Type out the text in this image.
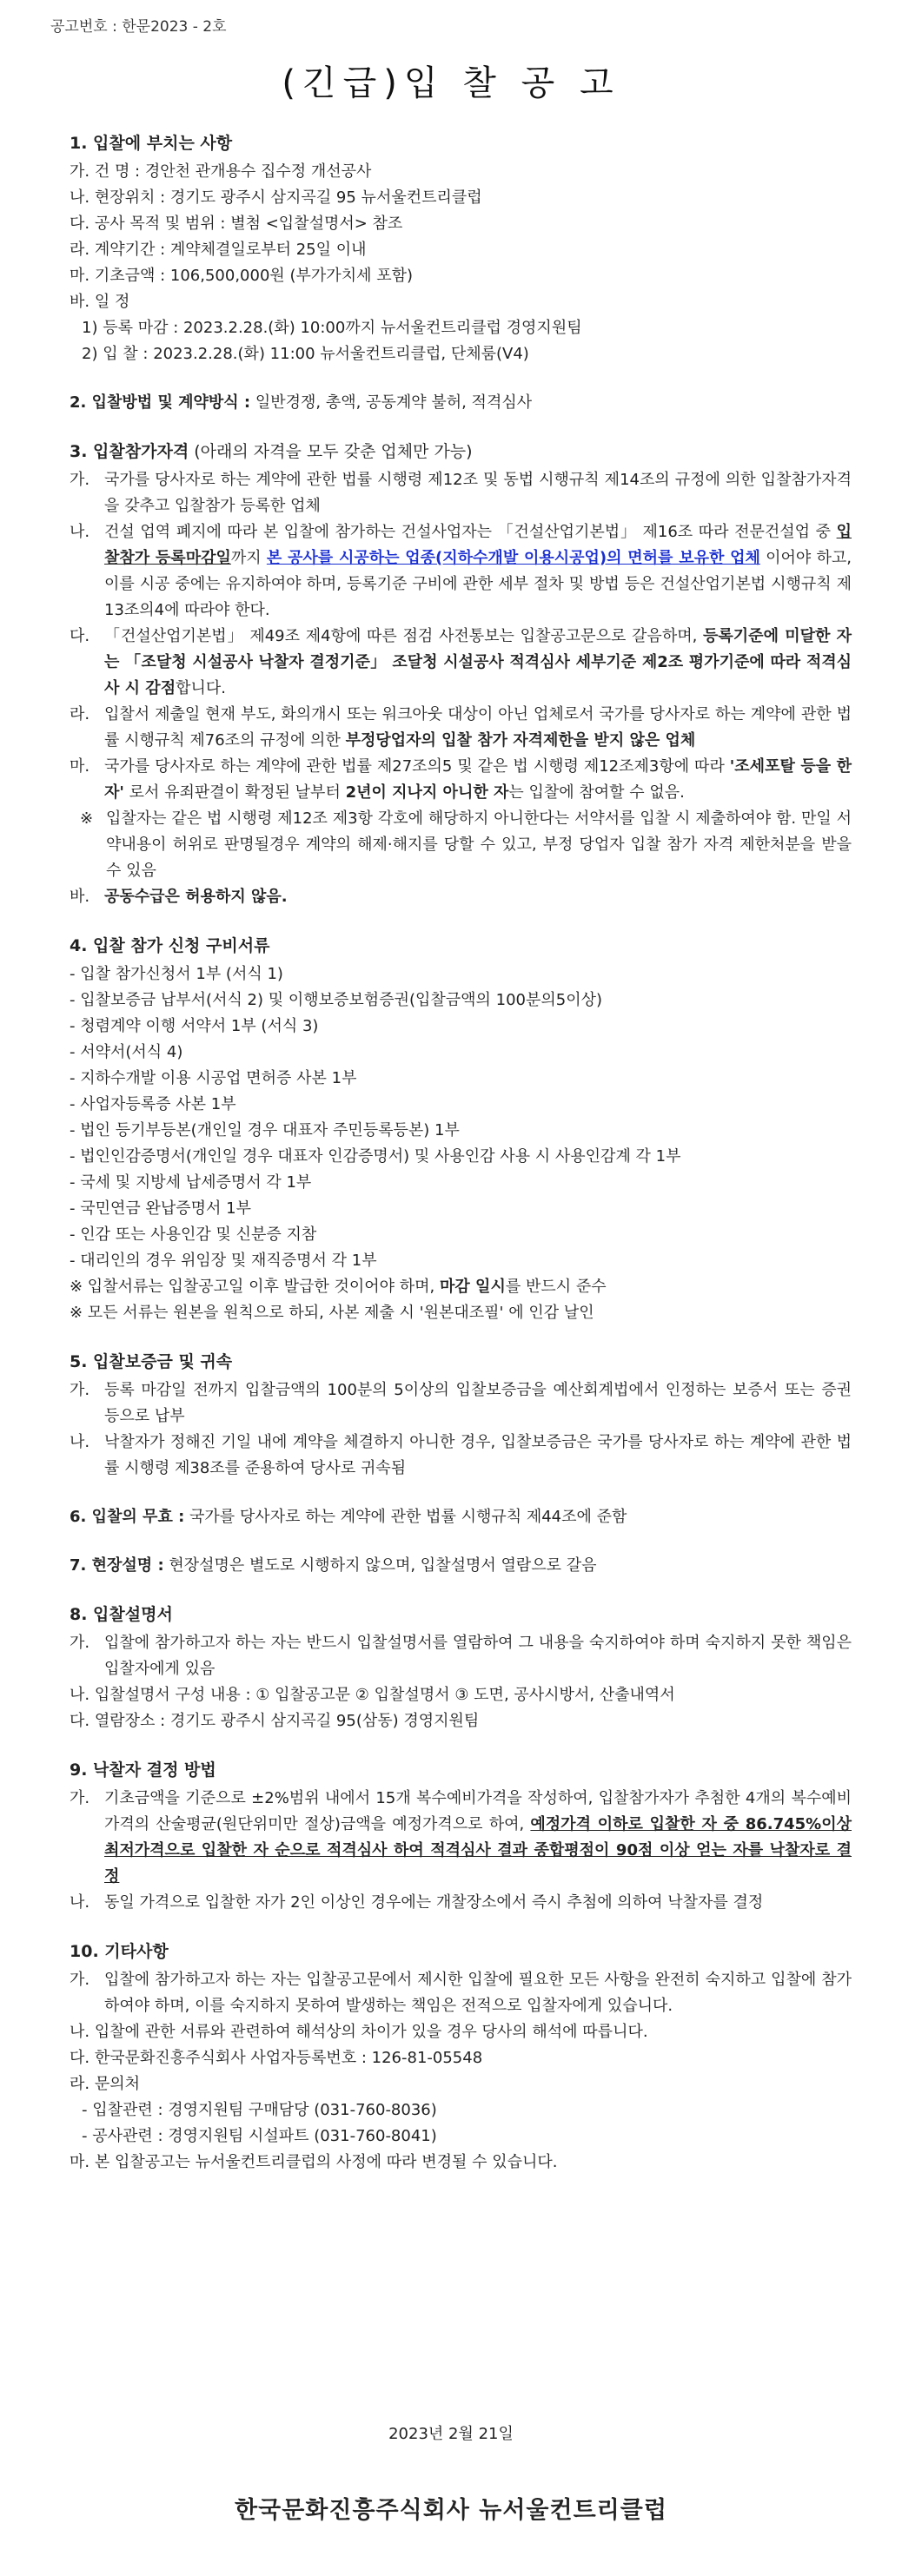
공고번호 : 한문2023 - 2호
(긴급)입 찰 공 고
1. 입찰에 부치는 사항
가. 건 명 : 경안천 관개용수 집수정 개선공사
나. 현장위치 : 경기도 광주시 삼지곡길 95 뉴서울컨트리클럽
다. 공사 목적 및 범위 : 별첨 <입찰설명서> 참조
라. 계약기간 : 계약체결일로부터 25일 이내
마. 기초금액 : 106,500,000원 (부가가치세 포함)
바. 일 정
1) 등록 마감 : 2023.2.28.(화) 10:00까지 뉴서울컨트리클럽 경영지원팀
2) 입 찰 : 2023.2.28.(화) 11:00 뉴서울컨트리클럽, 단체룸(V4)
2. 입찰방법 및 계약방식 : 일반경쟁, 총액, 공동계약 불허, 적격심사
3. 입찰참가자격 (아래의 자격을 모두 갖춘 업체만 가능)
가. 국가를 당사자로 하는 계약에 관한 법률 시행령 제12조 및 동법 시행규칙 제14조의 규정에 의한 입찰참가자격을 갖추고 입찰참가 등록한 업체
나. 건설 업역 폐지에 따라 본 입찰에 참가하는 건설사업자는 「건설산업기본법」 제16조 따라 전문건설업 중 입찰참가 등록마감일까지 본 공사를 시공하는 업종(지하수개발 이용시공업)의 면허를 보유한 업체 이어야 하고, 이를 시공 중에는 유지하여야 하며, 등록기준 구비에 관한 세부 절차 및 방법 등은 건설산업기본법 시행규칙 제13조의4에 따라야 한다.
다. 「건설산업기본법」 제49조 제4항에 따른 점검 사전통보는 입찰공고문으로 갈음하며, 등록기준에 미달한 자는 「조달청 시설공사 낙찰자 결정기준」 조달청 시설공사 적격심사 세부기준 제2조 평가기준에 따라 적격심사 시 감점합니다.
라. 입찰서 제출일 현재 부도, 화의개시 또는 워크아웃 대상이 아닌 업체로서 국가를 당사자로 하는 계약에 관한 법률 시행규칙 제76조의 규정에 의한 부정당업자의 입찰 참가 자격제한을 받지 않은 업체
마. 국가를 당사자로 하는 계약에 관한 법률 제27조의5 및 같은 법 시행령 제12조제3항에 따라 '조세포탈 등을 한 자' 로서 유죄판결이 확정된 날부터 2년이 지나지 아니한 자는 입찰에 참여할 수 없음.
※ 입찰자는 같은 법 시행령 제12조 제3항 각호에 해당하지 아니한다는 서약서를 입찰 시 제출하여야 함. 만일 서약내용이 허위로 판명될경우 계약의 해제·해지를 당할 수 있고, 부정 당업자 입찰 참가 자격 제한처분을 받을 수 있음
바. 공동수급은 허용하지 않음.
4. 입찰 참가 신청 구비서류
- 입찰 참가신청서 1부 (서식 1)
- 입찰보증금 납부서(서식 2) 및 이행보증보험증권(입찰금액의 100분의5이상)
- 청렴계약 이행 서약서 1부 (서식 3)
- 서약서(서식 4)
- 지하수개발 이용 시공업 면허증 사본 1부
- 사업자등록증 사본 1부
- 법인 등기부등본(개인일 경우 대표자 주민등록등본) 1부
- 법인인감증명서(개인일 경우 대표자 인감증명서) 및 사용인감 사용 시 사용인감계 각 1부
- 국세 및 지방세 납세증명서 각 1부
- 국민연금 완납증명서 1부
- 인감 또는 사용인감 및 신분증 지참
- 대리인의 경우 위임장 및 재직증명서 각 1부
※ 입찰서류는 입찰공고일 이후 발급한 것이어야 하며, 마감 일시를 반드시 준수
※ 모든 서류는 원본을 원칙으로 하되, 사본 제출 시 '원본대조필' 에 인감 날인
5. 입찰보증금 및 귀속
가. 등록 마감일 전까지 입찰금액의 100분의 5이상의 입찰보증금을 예산회계법에서 인정하는 보증서 또는 증권 등으로 납부
나. 낙찰자가 정해진 기일 내에 계약을 체결하지 아니한 경우, 입찰보증금은 국가를 당사자로 하는 계약에 관한 법률 시행령 제38조를 준용하여 당사로 귀속됨
6. 입찰의 무효 : 국가를 당사자로 하는 계약에 관한 법률 시행규칙 제44조에 준함
7. 현장설명 : 현장설명은 별도로 시행하지 않으며, 입찰설명서 열람으로 갈음
8. 입찰설명서
가. 입찰에 참가하고자 하는 자는 반드시 입찰설명서를 열람하여 그 내용을 숙지하여야 하며 숙지하지 못한 책임은 입찰자에게 있음
나. 입찰설명서 구성 내용 : ① 입찰공고문 ② 입찰설명서 ③ 도면, 공사시방서, 산출내역서
다. 열람장소 : 경기도 광주시 삼지곡길 95(삼동) 경영지원팀
9. 낙찰자 결정 방법
가. 기초금액을 기준으로 ±2%범위 내에서 15개 복수예비가격을 작성하여, 입찰참가자가 추첨한 4개의 복수예비가격의 산술평균(원단위미만 절상)금액을 예정가격으로 하여, 예정가격 이하로 입찰한 자 중 86.745%이상 최저가격으로 입찰한 자 순으로 적격심사 하여 적격심사 결과 종합평점이 90점 이상 얻는 자를 낙찰자로 결정
나. 동일 가격으로 입찰한 자가 2인 이상인 경우에는 개찰장소에서 즉시 추첨에 의하여 낙찰자를 결정
10. 기타사항
가. 입찰에 참가하고자 하는 자는 입찰공고문에서 제시한 입찰에 필요한 모든 사항을 완전히 숙지하고 입찰에 참가하여야 하며, 이를 숙지하지 못하여 발생하는 책임은 전적으로 입찰자에게 있습니다.
나. 입찰에 관한 서류와 관련하여 해석상의 차이가 있을 경우 당사의 해석에 따릅니다.
다. 한국문화진흥주식회사 사업자등록번호 : 126-81-05548
라. 문의처
- 입찰관련 : 경영지원팀 구매담당 (031-760-8036)
- 공사관련 : 경영지원팀 시설파트 (031-760-8041)
마. 본 입찰공고는 뉴서울컨트리클럽의 사정에 따라 변경될 수 있습니다.
2023년 2월 21일
한국문화진흥주식회사 뉴서울컨트리클럽
